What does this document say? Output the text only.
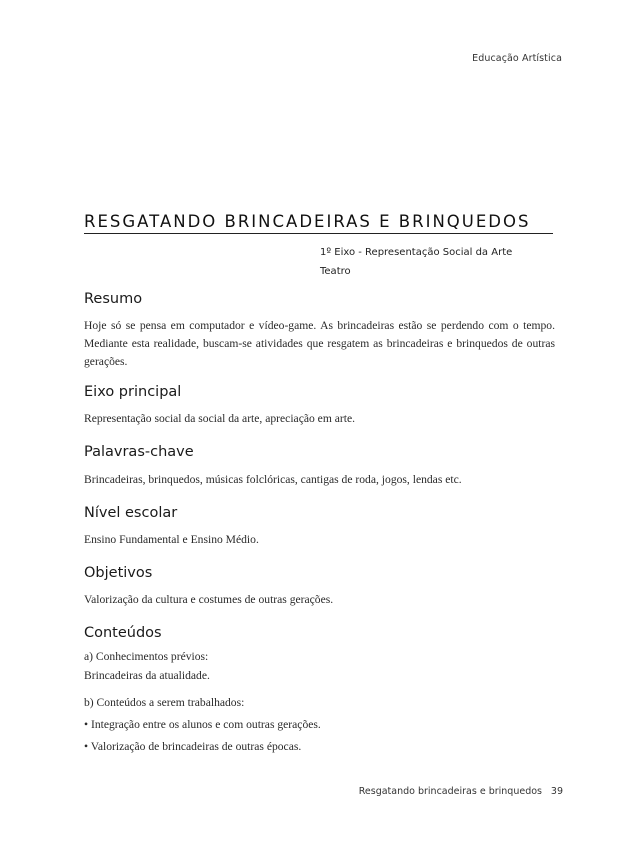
Educação Artística
RESGATANDO BRINCADEIRAS E BRINQUEDOS
1º Eixo - Representação Social da Arte
Teatro
Resumo

Hoje só se pensa em computador e vídeo-game. As brincadeiras estão se perdendo com o tempo. Mediante esta realidade, buscam-se atividades que resgatem as brincadeiras e brinquedos de outras gerações.

Eixo principal

Representação social da social da arte, apreciação em arte.

Palavras-chave

Brincadeiras, brinquedos, músicas folclóricas, cantigas de roda, jogos, lendas etc.

Nível escolar

Ensino Fundamental e Ensino Médio.

Objetivos

Valorização da cultura e costumes de outras gerações.

Conteúdos

a) Conhecimentos prévios:

Brincadeiras da atualidade.

b) Conteúdos a serem trabalhados:

• Integração entre os alunos e com outras gerações.

• Valorização de brincadeiras de outras épocas.

Resgatando brincadeiras e brinquedos 39
